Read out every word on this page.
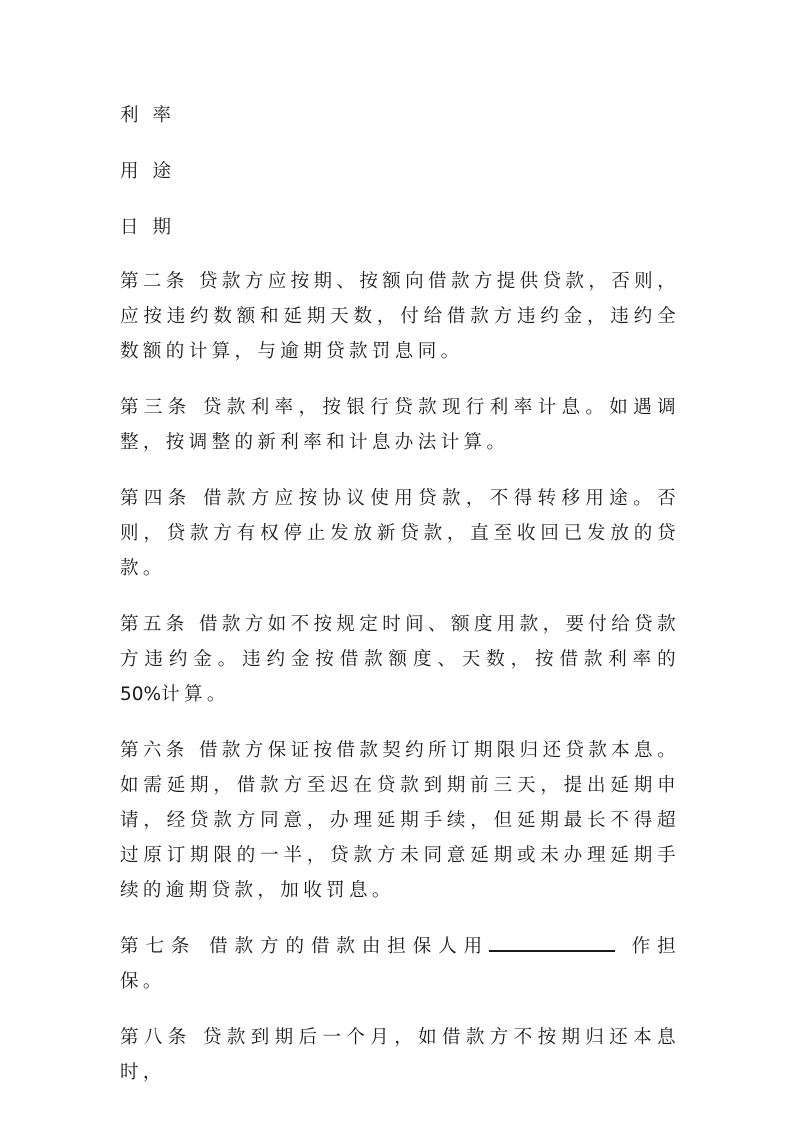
利率
用途
日期

第二条 贷款方应按期、按额向借款方提供贷款，否则，应按违约数额和延期天数，付给借款方违约金，违约全数额的计算，与逾期贷款罚息同。

第三条 贷款利率，按银行贷款现行利率计息。如遇调整，按调整的新利率和计息办法计算。

第四条 借款方应按协议使用贷款，不得转移用途。否则，贷款方有权停止发放新贷款，直至收回已发放的贷款。

第五条 借款方如不按规定时间、额度用款，要付给贷款方违约金。违约金按借款额度、天数，按借款利率的50%计算。

第六条 借款方保证按借款契约所订期限归还贷款本息。如需延期，借款方至迟在贷款到期前三天，提出延期申请，经贷款方同意，办理延期手续，但延期最长不得超过原订期限的一半，贷款方未同意延期或未办理延期手续的逾期贷款，加收罚息。

第七条 借款方的借款由担保人用	作担保。

第八条 贷款到期后一个月，如借款方不按期归还本息时，
